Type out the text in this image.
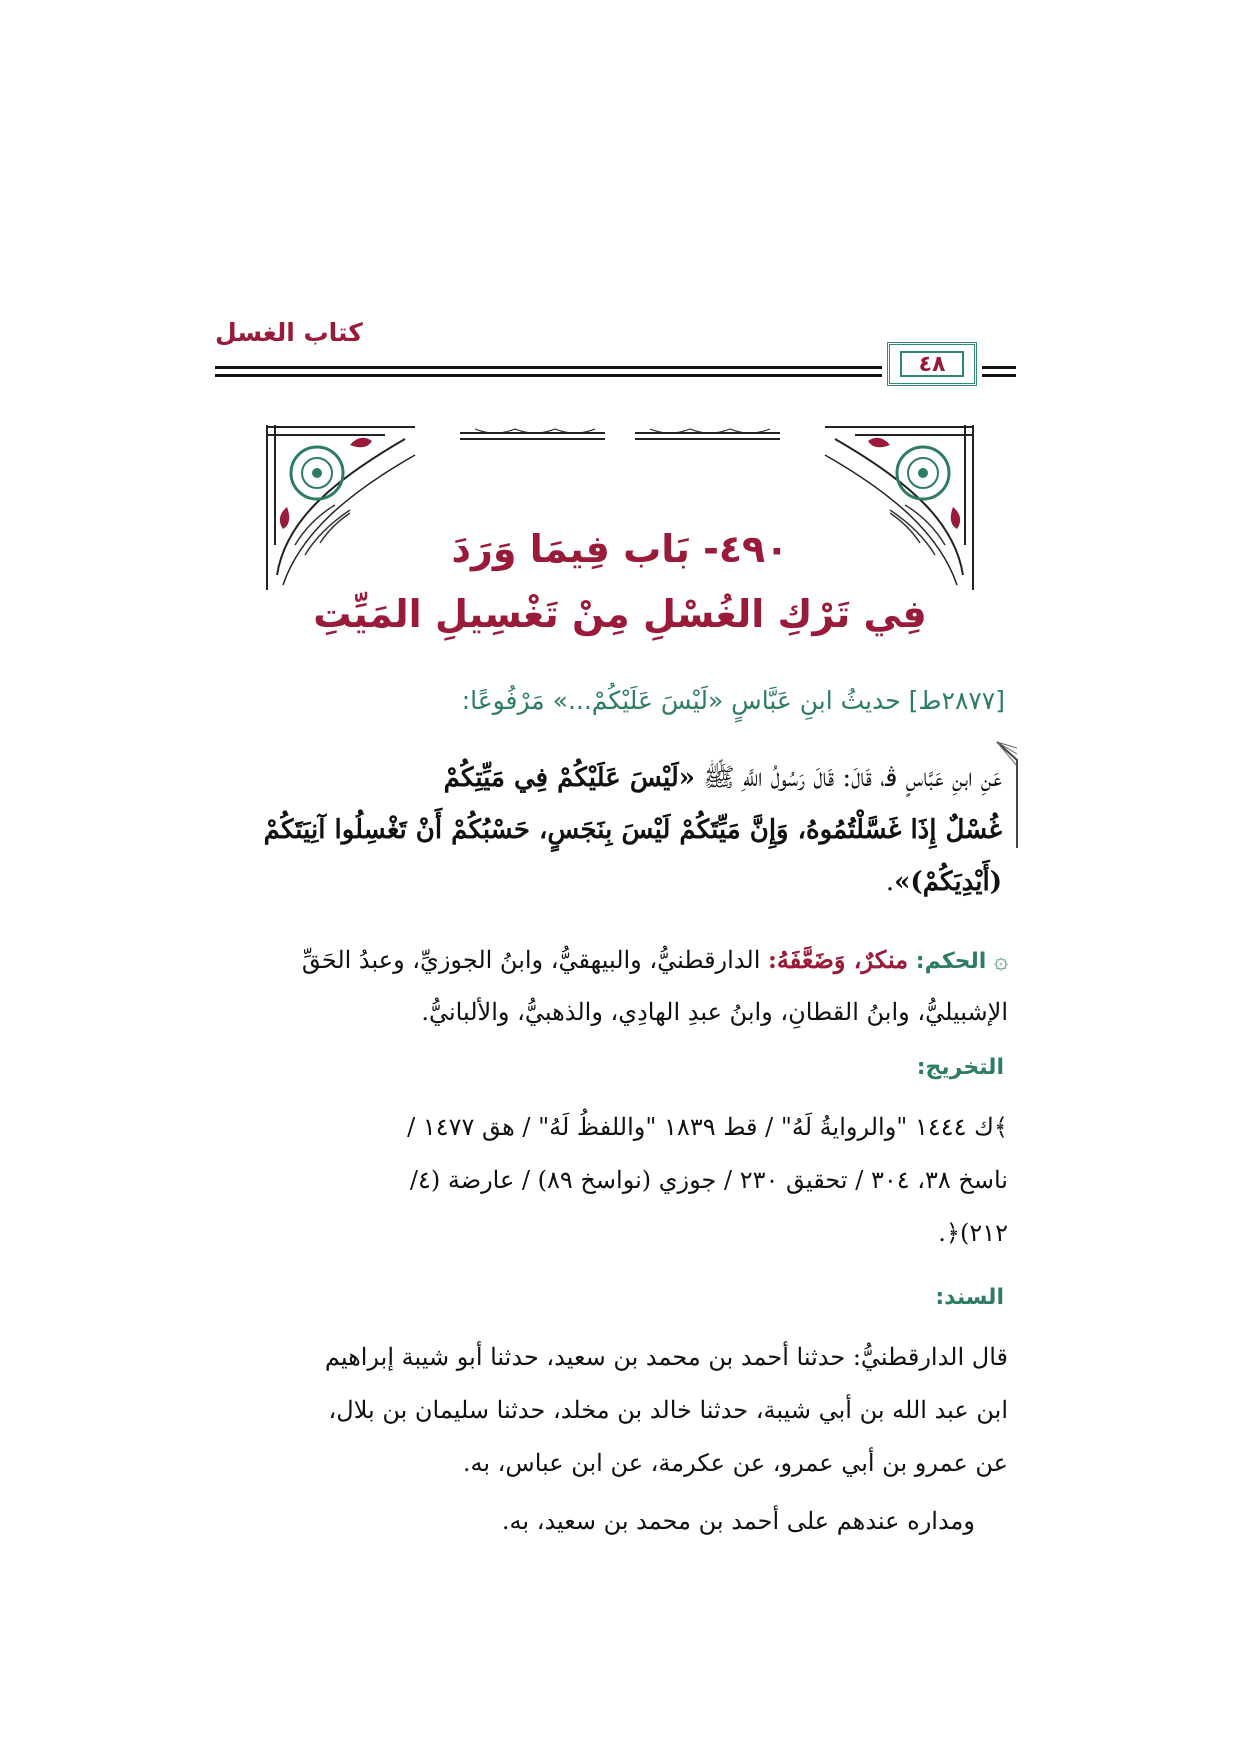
كتاب الغسل
٤٨
٤٩٠- بَاب فِيمَا وَرَدَ
فِي تَرْكِ الغُسْلِ مِنْ تَغْسِيلِ المَيِّتِ
[٢٨٧٧ط] حديثُ ابنِ عَبَّاسٍ «لَيْسَ عَلَيْكُمْ...» مَرْفُوعًا:
عَنِ ابنِ عَبَّاسٍ ﭬ، قَالَ: قَالَ رَسُولُ اللَّهِ ﷺ «لَيْسَ عَلَيْكُمْ فِي مَيِّتِكُمْ
غُسْلٌ إِذَا غَسَّلْتُمُوهُ، وَإِنَّ مَيِّتَكُمْ لَيْسَ بِنَجَسٍ، حَسْبُكُمْ أَنْ تَغْسِلُوا آنِيَتَكُمْ
(أَيْدِيَكُمْ)».
۞ الحكم: منكرٌ، وَضَعَّفَهُ: الدارقطنيُّ، والبيهقيُّ، وابنُ الجوزيِّ، وعبدُ الحَقِّ
الإشبيليُّ، وابنُ القطانِ، وابنُ عبدِ الهادِي، والذهبيُّ، والألبانيُّ.
التخريج:
﴾ك ١٤٤٤ "والروايةُ لَهُ" / قط ١٨٣٩ "واللفظُ لَهُ" / هق ١٤٧٧ /
ناسخ ٣٨، ٣٠٤ / تحقيق ٢٣٠ / جوزي (نواسخ ٨٩) / عارضة (٤/
٢١٢)﴿.
السند:
قال الدارقطنيُّ: حدثنا أحمد بن محمد بن سعيد، حدثنا أبو شيبة إبراهيم
ابن عبد الله بن أبي شيبة، حدثنا خالد بن مخلد، حدثنا سليمان بن بلال،
عن عمرو بن أبي عمرو، عن عكرمة، عن ابن عباس، به.
ومداره عندهم على أحمد بن محمد بن سعيد، به.
